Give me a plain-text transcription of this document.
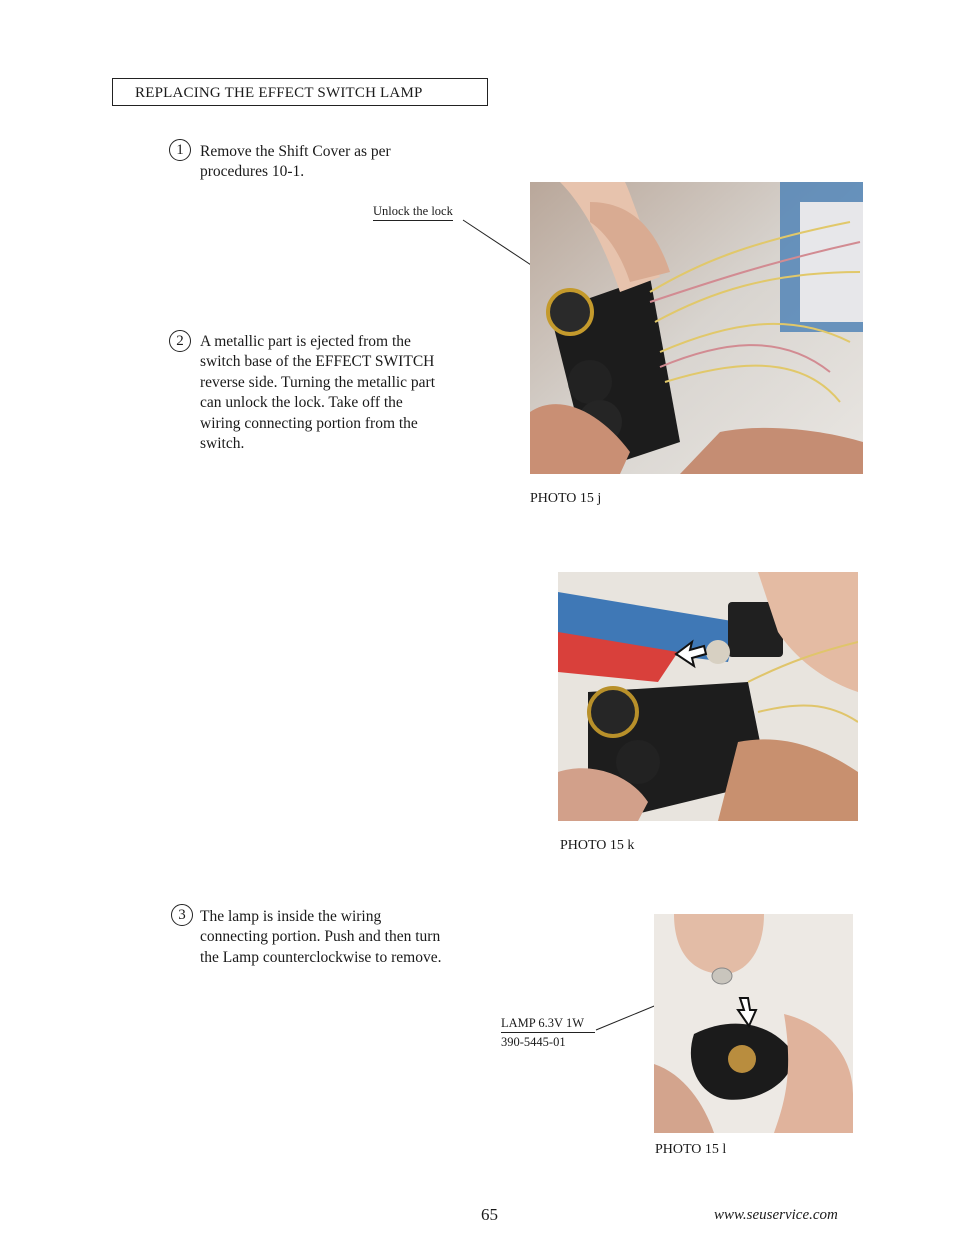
REPLACING THE EFFECT SWITCH LAMP
1	Remove the Shift Cover as per procedures 10-1.
2	A metallic part is ejected from the switch base of the EFFECT SWITCH reverse side. Turning the metallic part can unlock the lock. Take off the wiring connecting portion from the switch.
3 The lamp is inside the wiring connecting portion. Push and then turn the Lamp counterclockwise to remove.
Unlock the lock
LAMP 6.3V 1W
390-5445-01
PHOTO 15 j
PHOTO 15 k
PHOTO 15 l
65	www.seuservice.com
